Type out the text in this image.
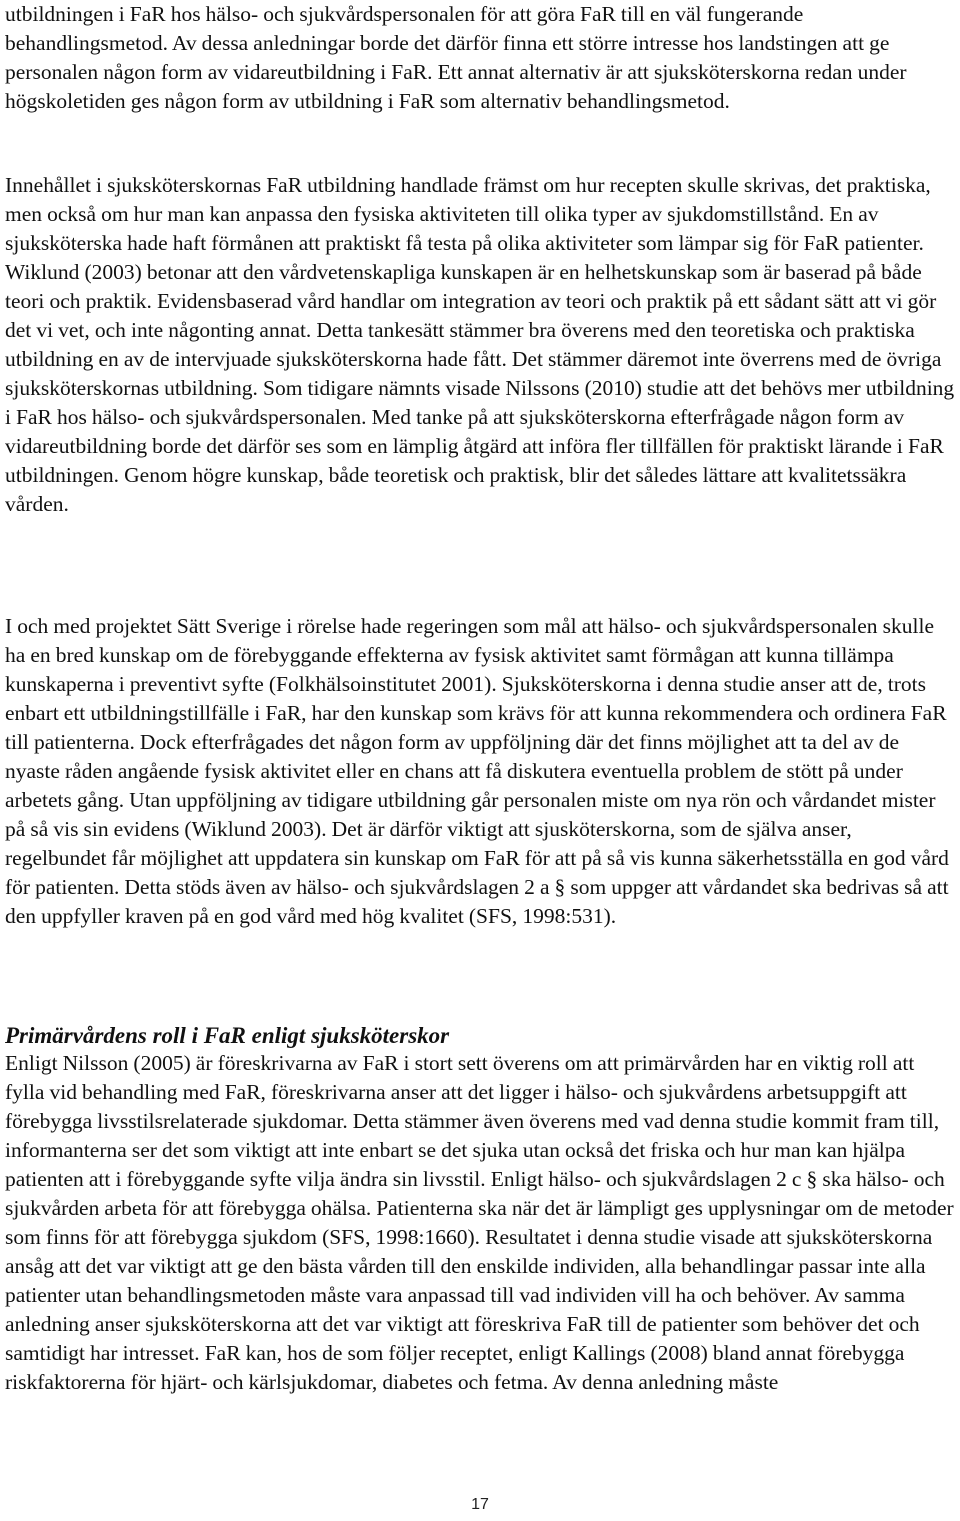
utbildningen i FaR hos hälso- och sjukvårdspersonalen för att göra FaR till en väl fungerande behandlingsmetod. Av dessa anledningar borde det därför finna ett större intresse hos landstingen att ge personalen någon form av vidareutbildning i FaR. Ett annat alternativ är att sjuksköterskorna redan under högskoletiden ges någon form av utbildning i FaR som alternativ behandlingsmetod.

Innehållet i sjuksköterskornas FaR utbildning handlade främst om hur recepten skulle skrivas, det praktiska, men också om hur man kan anpassa den fysiska aktiviteten till olika typer av sjukdomstillstånd. En av sjuksköterska hade haft förmånen att praktiskt få testa på olika aktiviteter som lämpar sig för FaR patienter. Wiklund (2003) betonar att den vårdvetenskapliga kunskapen är en helhetskunskap som är baserad på både teori och praktik. Evidensbaserad vård handlar om integration av teori och praktik på ett sådant sätt att vi gör det vi vet, och inte någonting annat. Detta tankesätt stämmer bra överens med den teoretiska och praktiska utbildning en av de intervjuade sjuksköterskorna hade fått. Det stämmer däremot inte överrens med de övriga sjuksköterskornas utbildning. Som tidigare nämnts visade Nilssons (2010) studie att det behövs mer utbildning i FaR hos hälso- och sjukvårdspersonalen. Med tanke på att sjuksköterskorna efterfrågade någon form av vidareutbildning borde det därför ses som en lämplig åtgärd att införa fler tillfällen för praktiskt lärande i FaR utbildningen. Genom högre kunskap, både teoretisk och praktisk, blir det således lättare att kvalitetssäkra vården.

I och med projektet Sätt Sverige i rörelse hade regeringen som mål att hälso- och sjukvårdspersonalen skulle ha en bred kunskap om de förebyggande effekterna av fysisk aktivitet samt förmågan att kunna tillämpa kunskaperna i preventivt syfte (Folkhälsoinstitutet 2001). Sjuksköterskorna i denna studie anser att de, trots enbart ett utbildningstillfälle i FaR, har den kunskap som krävs för att kunna rekommendera och ordinera FaR till patienterna. Dock efterfrågades det någon form av uppföljning där det finns möjlighet att ta del av de nyaste råden angående fysisk aktivitet eller en chans att få diskutera eventuella problem de stött på under arbetets gång. Utan uppföljning av tidigare utbildning går personalen miste om nya rön och vårdandet mister på så vis sin evidens (Wiklund 2003). Det är därför viktigt att sjusköterskorna, som de själva anser, regelbundet får möjlighet att uppdatera sin kunskap om FaR för att på så vis kunna säkerhetsställa en god vård för patienten. Detta stöds även av hälso- och sjukvårdslagen 2 a § som uppger att vårdandet ska bedrivas så att den uppfyller kraven på en god vård med hög kvalitet (SFS, 1998:531).

Primärvårdens roll i FaR enligt sjuksköterskor

Enligt Nilsson (2005) är föreskrivarna av FaR i stort sett överens om att primärvården har en viktig roll att fylla vid behandling med FaR, föreskrivarna anser att det ligger i hälso- och sjukvårdens arbetsuppgift att förebygga livsstilsrelaterade sjukdomar. Detta stämmer även överens med vad denna studie kommit fram till, informanterna ser det som viktigt att inte enbart se det sjuka utan också det friska och hur man kan hjälpa patienten att i förebyggande syfte vilja ändra sin livsstil. Enligt hälso- och sjukvårdslagen 2 c § ska hälso- och sjukvården arbeta för att förebygga ohälsa. Patienterna ska när det är lämpligt ges upplysningar om de metoder som finns för att förebygga sjukdom (SFS, 1998:1660). Resultatet i denna studie visade att sjuksköterskorna ansåg att det var viktigt att ge den bästa vården till den enskilde individen, alla behandlingar passar inte alla patienter utan behandlingsmetoden måste vara anpassad till vad individen vill ha och behöver. Av samma anledning anser sjuksköterskorna att det var viktigt att föreskriva FaR till de patienter som behöver det och samtidigt har intresset. FaR kan, hos de som följer receptet, enligt Kallings (2008) bland annat förebygga riskfaktorerna för hjärt- och kärlsjukdomar, diabetes och fetma. Av denna anledning måste

17
